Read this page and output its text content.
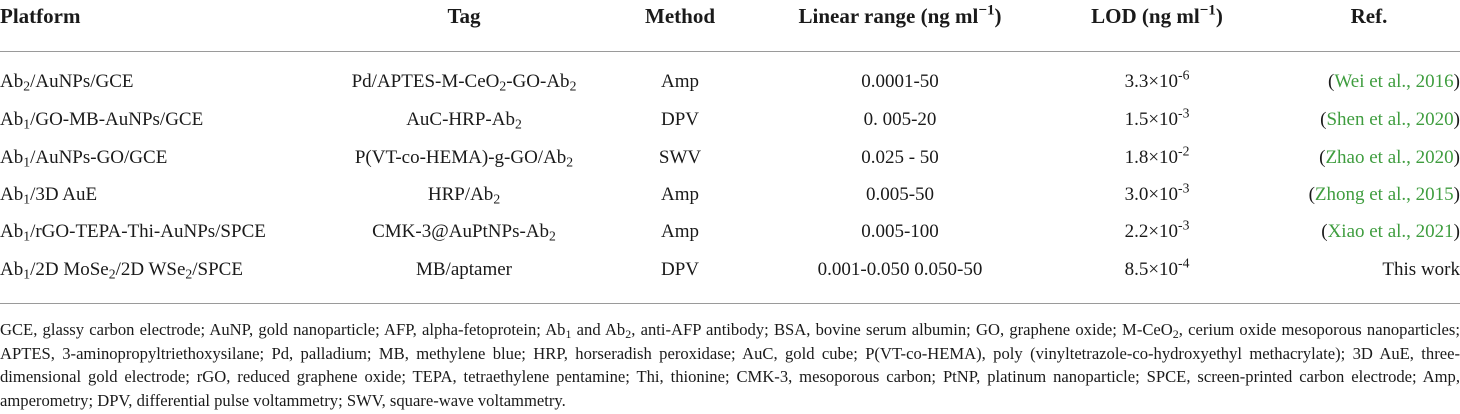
Platform	Tag	Method	Linear range (ng $ml^{-1}$)	LOD (ng $ml^{-1}$)	Ref.
$Ab_2/AuNPs$/GCE	$Pd/APTES-M-CeO_2-GO-Ab_2$	Amp	0.0001-50	$3.3\times 10^{-6}$	(Wei et al., 2016)
$Ab_1/GO-MB-AuNPs$/GCE	AuC-$HRP-Ab_2$	DPV	0. 005-20	$1.5\times 10^{-3}$	(Shen et al., 2020)
$Ab_1/AuNPs-GO$/GCE	$P(VT-co-HEMA)-g-GO/Ab_2$	SWV	0.025 - 50	$1.8\times 10^{-2}$	(Zhao et al., 2020)
$Ab_1/3D$ AuE	HRP/$Ab_2$	Amp	0.005-50	$3.0\times 10^{-3}$	(Zhong et al., 2015)
$Ab_1/rGO-TEPA-Thi-AuNPs$/SPCE	CMK-$3@AuPtNPs-Ab_2$	Amp	0.005-100	$2.2\times 10^{-3}$	(Xiao et al., 2021)
$Ab_1/2D$ MoSe$_2$/2D WSe$_2$/SPCE	MB/aptamer	DPV	0.001-0.050 0.050-50	$8.5\times 10^{-4}$	This work
GCE, glassy carbon electrode; AuNP, gold nanoparticle; AFP, alpha-fetoprotein; $Ab_1$ and $Ab_2$, anti-AFP antibody; BSA, bovine serum albumin; GO, graphene oxide; M-CeO$_2$, cerium oxide mesoporous nanoparticles; APTES, 3-aminopropyltriethoxysilane; Pd, palladium; MB, methylene blue; HRP, horseradish peroxidase; AuC, gold cube; P(VT-co-HEMA), poly (vinyltetrazole-co-hydroxyethyl methacrylate); 3D AuE, three-dimensional gold electrode; rGO, reduced graphene oxide; TEPA, tetraethylene pentamine; Thi, thionine; CMK-3, mesoporous carbon; PtNP, platinum nanoparticle; SPCE, screen-printed carbon electrode; Amp, amperometry; DPV, differential pulse voltammetry; SWV, square-wave voltammetry.
